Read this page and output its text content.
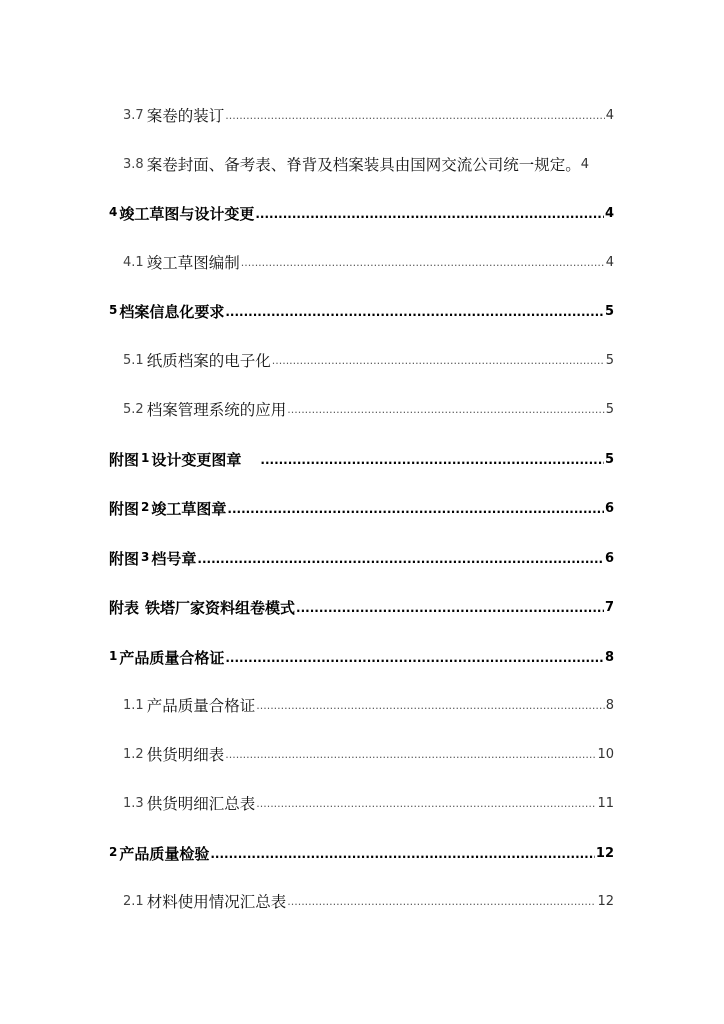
3.7 案卷的装订 .....	4
3.8 案卷封面、备考表、脊背及档案装具由国网交流公司统一规定。 4
4 竣工草图与设计变更 .....	4
4.1 竣工草图编制 .....	4
5 档案信息化要求 .....	5
5.1 纸质档案的电子化 .....	5
5.2 档案管理系统的应用 .....	5
附图 1 设计变更图章 .....	5
附图 2 竣工草图章 .....	6
附图 3 档号章 .....	6
附表 铁塔厂家资料组卷模式 .....	7
1 产品质量合格证 .....	8
1.1 产品质量合格证 .....	8
1.2 供货明细表 .....	10
1.3 供货明细汇总表 .....	11
2 产品质量检验 .....	12
2.1 材料使用情况汇总表 .....	12
